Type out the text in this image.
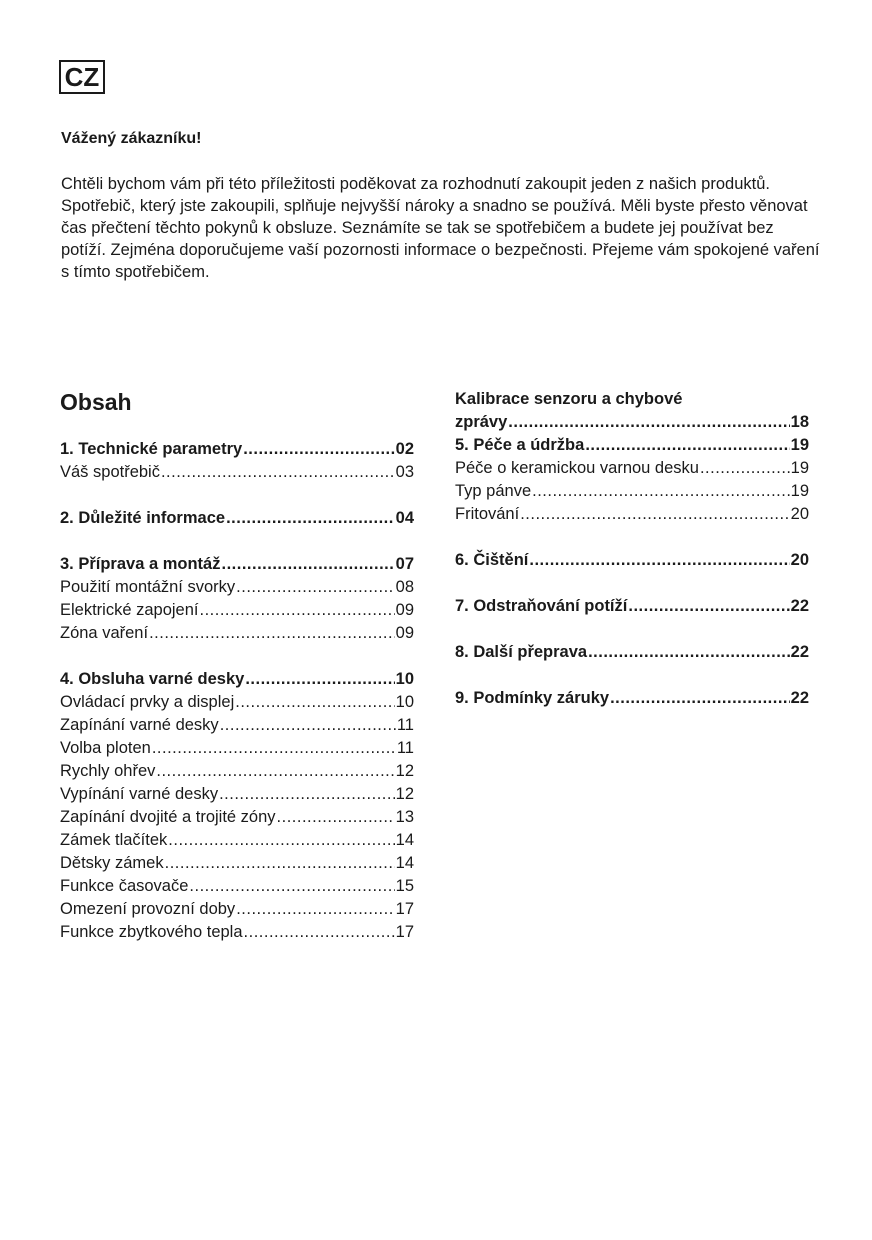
CZ
Vážený zákazníku!

Chtěli bychom vám při této příležitosti poděkovat za rozhodnutí zakoupit jeden z našich produktů. Spotřebič, který jste zakoupili, splňuje nejvyšší nároky a snadno se používá. Měli byste přesto věnovat čas přečtení těchto pokynů k obsluze. Seznámíte se tak se spotřebičem a budete jej používat bez potíží. Zejména doporučujeme vaší pozornosti informace o bezpečnosti. Přejeme vám spokojené vaření s tímto spotřebičem.

Obsah
1. Technické parametry .....	02
Váš spotřebič .....	03
2. Důležité informace .....	04
3. Příprava a montáž .....	07
Použití montážní svorky .....	08
Elektrické zapojení .....	09
Zóna vaření .....	09
4. Obsluha varné desky .....	10
Ovládací prvky a displej .....	10
Zapínání varné desky .....	11
Volba ploten .....	11
Rychly ohřev .....	12
Vypínání varné desky .....	12
Zapínání dvojité a trojité zóny .....	13
Zámek tlačítek .....	14
Dětsky zámek .....	14
Funkce časovače .....	15
Omezení provozní doby .....	17
Funkce zbytkového tepla .....	17
Kalibrace senzoru a chybové
zprávy .....	18
5. Péče a údržba .....	19
Péče o keramickou varnou desku .....	19
Typ pánve .....	19
Fritování .....	20
6. Čištění .....	20
7. Odstraňování potíží .....	22
8. Další přeprava .....	22
9. Podmínky záruky .....	22
